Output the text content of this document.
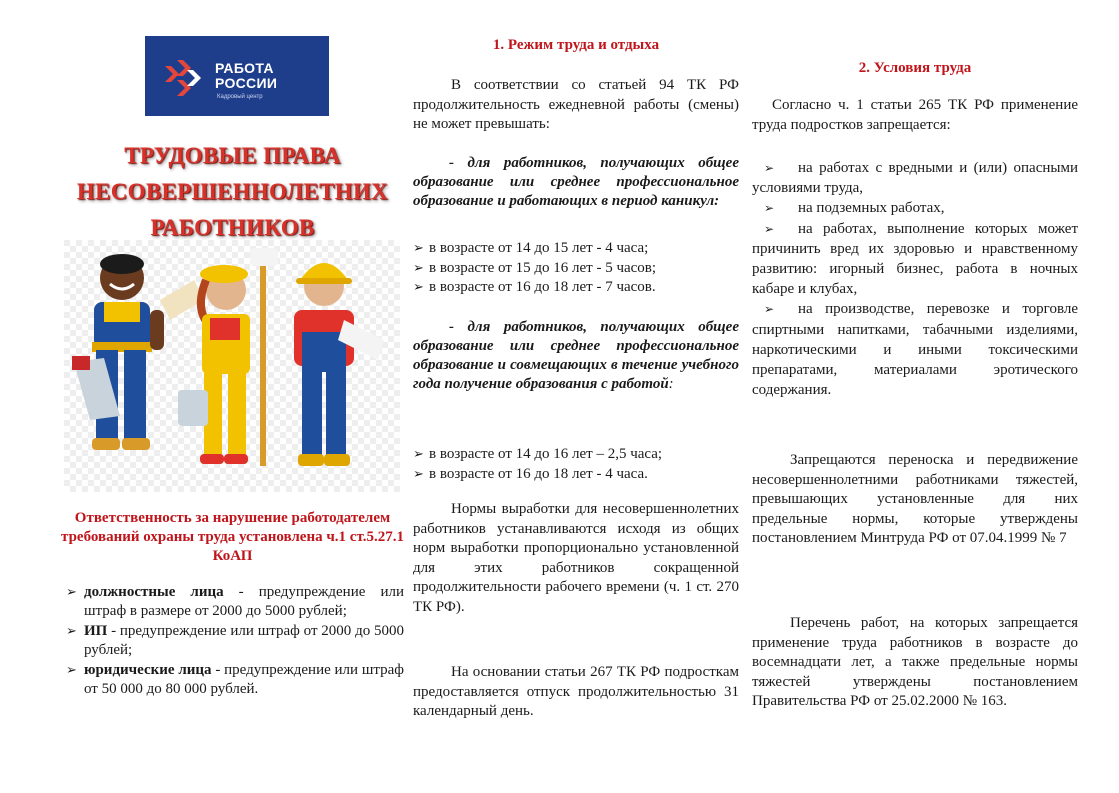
РАБОТА
РОССИИ
Кадровый центр
ТРУДОВЫЕ ПРАВА
НЕСОВЕРШЕННОЛЕТНИХ
РАБОТНИКОВ
Ответственность за нарушение работодателем требований охраны труда установлена ч.1 ст.5.27.1 КоАП
➢ должностные лица - предупреждение или штраф в размере от 2000 до 5000 рублей;
➢ ИП - предупреждение или штраф от 2000 до 5000 рублей;
➢ юридические лица - предупреждение или штраф от 50 000 до 80 000 рублей.
1. Режим труда и отдыха
В соответствии со статьей 94 ТК РФ продолжительность ежедневной работы (смены) не может превышать:
- для работников, получающих общее образование или среднее профессиональное образование и работающих в период каникул:
➢ в возрасте от 14 до 15 лет - 4 часа;
➢ в возрасте от 15 до 16 лет - 5 часов;
➢ в возрасте от 16 до 18 лет - 7 часов.
- для работников, получающих общее образование или среднее профессиональное образование и совмещающих в течение учебного года получение образования с работой:
➢ в возрасте от 14 до 16 лет – 2,5 часа;
➢ в возрасте от 16 до 18 лет - 4 часа.
Нормы выработки для несовершеннолетних работников устанавливаются исходя из общих норм выработки пропорционально установленной для этих работников сокращенной продолжительности рабочего времени (ч. 1 ст. 270 ТК РФ).
На основании статьи 267 ТК РФ подросткам предоставляется отпуск продолжительностью 31 календарный день.
2. Условия труда
Согласно ч. 1 статьи 265 ТК РФ применение труда подростков запрещается:
➢ на работах с вредными и (или) опасными условиями труда,
➢ на подземных работах,
➢ на работах, выполнение которых может причинить вред их здоровью и нравственному развитию: игорный бизнес, работа в ночных кабаре и клубах,
➢ на производстве, перевозке и торговле спиртными напитками, табачными изделиями, наркотическими и иными токсическими препаратами, материалами эротического содержания.
Запрещаются переноска и передвижение несовершеннолетними работниками тяжестей, превышающих установленные для них предельные нормы, которые утверждены постановлением Минтруда РФ от 07.04.1999 № 7
Перечень работ, на которых запрещается применение труда работников в возрасте до восемнадцати лет, а также предельные нормы тяжестей утверждены постановлением Правительства РФ от 25.02.2000 № 163.
